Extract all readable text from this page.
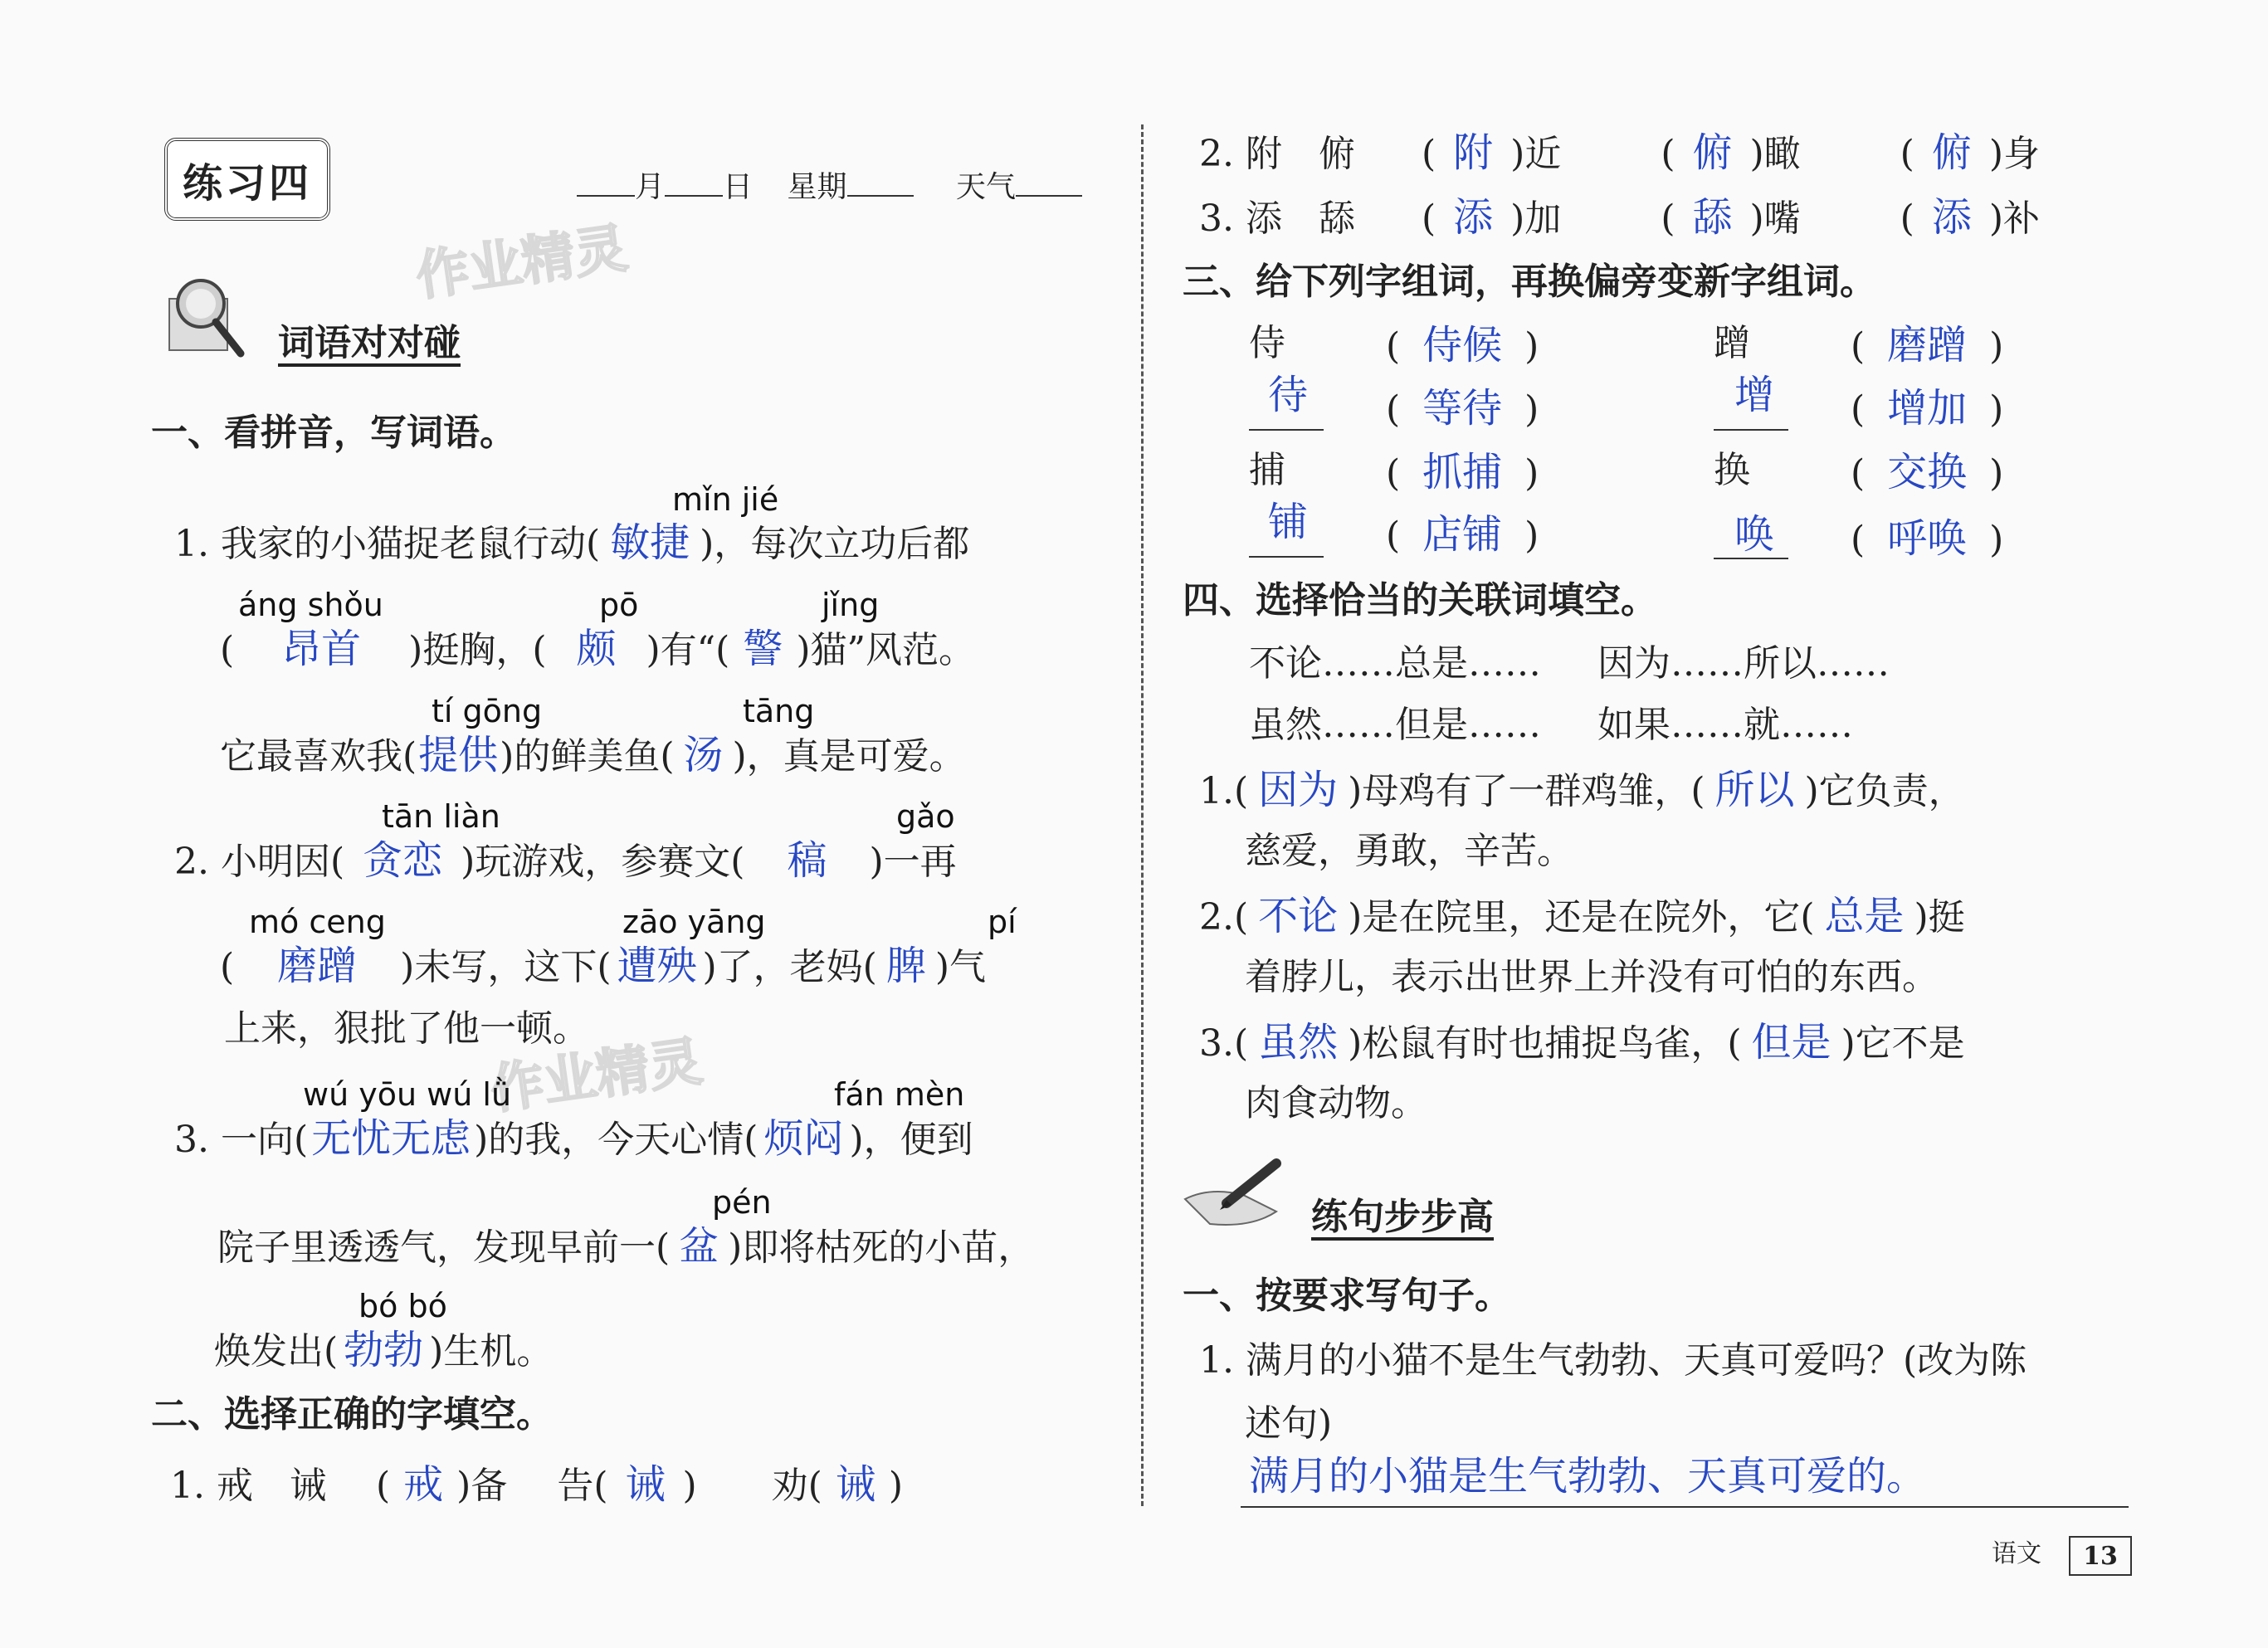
练习四	月 日 星期	天气
作业精灵
词语对对碰
一、看拼音，写词语。
mǐn jié
1. 我家的小猫捉老鼠行动( 敏捷 )，每次立功后都
áng shǒu	pō	jǐng
( 昂首 )挺胸，( 颇 )有“( 警 )猫”风范。
tí gōng	tāng
它最喜欢我(提供)的鲜美鱼( 汤 )，真是可爱。
tān liàn	gǎo
2. 小明因( 贪恋 )玩游戏，参赛文( 稿 )一再
mó ceng	zāo yāng	pí
( 磨蹭 )未写，这下( 遭殃 )了，老妈( 脾 )气
上来，狠批了他一顿。
作业精灵
wú yōu wú lǜ	fán mèn
3. 一向(无忧无虑)的我，今天心情( 烦闷 )，便到
pén
院子里透透气，发现早前一( 盆 )即将枯死的小苗，
bó bó
焕发出( 勃勃 )生机。
二、选择正确的字填空。
1. 戒　诫 ( 戒 )备 告( 诫 ) 劝( 诫 )
2. 附　俯 ( 附 )近	( 俯 )瞰	( 俯 )身
3. 添　舔 ( 添 )加	( 舔 )嘴	( 添 )补
三、给下列字组词，再换偏旁变新字组词。
侍	( 侍候 )
待 ( 等待 )
蹭	( 磨蹭 )
增 ( 增加 )
捕	( 抓捕 )
铺 ( 店铺 )
换	( 交换 )
唤 ( 呼唤 )
四、选择恰当的关联词填空。
不论……总是…… 因为……所以……
虽然……但是…… 如果……就……
1.( 因为 )母鸡有了一群鸡雏，( 所以 )它负责，
慈爱，勇敢，辛苦。
2.( 不论 )是在院里，还是在院外，它( 总是 )挺
着脖儿，表示出世界上并没有可怕的东西。
3.( 虽然 )松鼠有时也捕捉鸟雀，( 但是 )它不是
肉食动物。
练句步步高
一、按要求写句子。
1. 满月的小猫不是生气勃勃、天真可爱吗？(改为陈
述句)
满月的小猫是生气勃勃、天真可爱的。
语文	13
